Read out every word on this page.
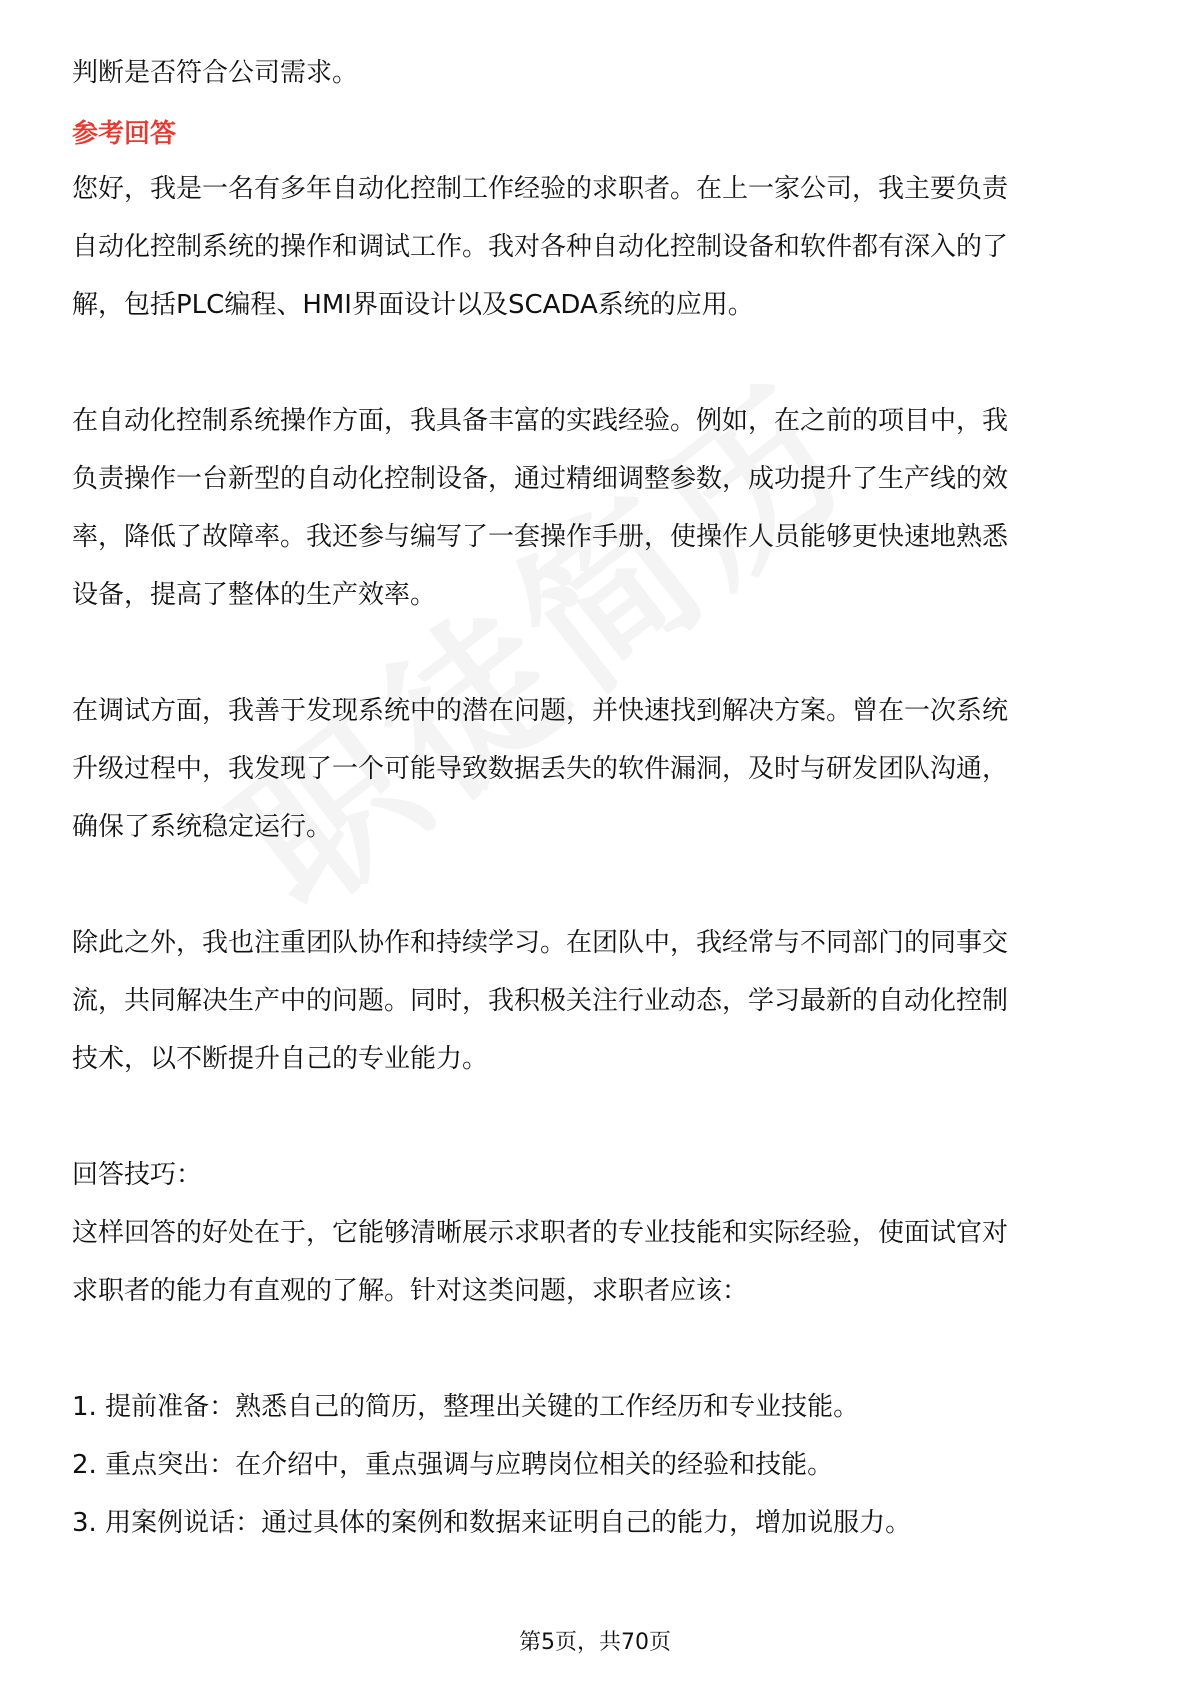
判断是否符合公司需求。

参考回答

您好，我是一名有多年自动化控制工作经验的求职者。在上一家公司，我主要负责

自动化控制系统的操作和调试工作。我对各种自动化控制设备和软件都有深入的了

解，包括PLC编程、HMI界面设计以及SCADA系统的应用。

在自动化控制系统操作方面，我具备丰富的实践经验。例如，在之前的项目中，我

负责操作一台新型的自动化控制设备，通过精细调整参数，成功提升了生产线的效

率，降低了故障率。我还参与编写了一套操作手册，使操作人员能够更快速地熟悉

设备，提高了整体的生产效率。

在调试方面，我善于发现系统中的潜在问题，并快速找到解决方案。曾在一次系统

升级过程中，我发现了一个可能导致数据丢失的软件漏洞，及时与研发团队沟通，

确保了系统稳定运行。

除此之外，我也注重团队协作和持续学习。在团队中，我经常与不同部门的同事交

流，共同解决生产中的问题。同时，我积极关注行业动态，学习最新的自动化控制

技术，以不断提升自己的专业能力。

回答技巧：

这样回答的好处在于，它能够清晰展示求职者的专业技能和实际经验，使面试官对

求职者的能力有直观的了解。针对这类问题，求职者应该：

1. 提前准备：熟悉自己的简历，整理出关键的工作经历和专业技能。

2. 重点突出：在介绍中，重点强调与应聘岗位相关的经验和技能。

3. 用案例说话：通过具体的案例和数据来证明自己的能力，增加说服力。

第5页，共70页
